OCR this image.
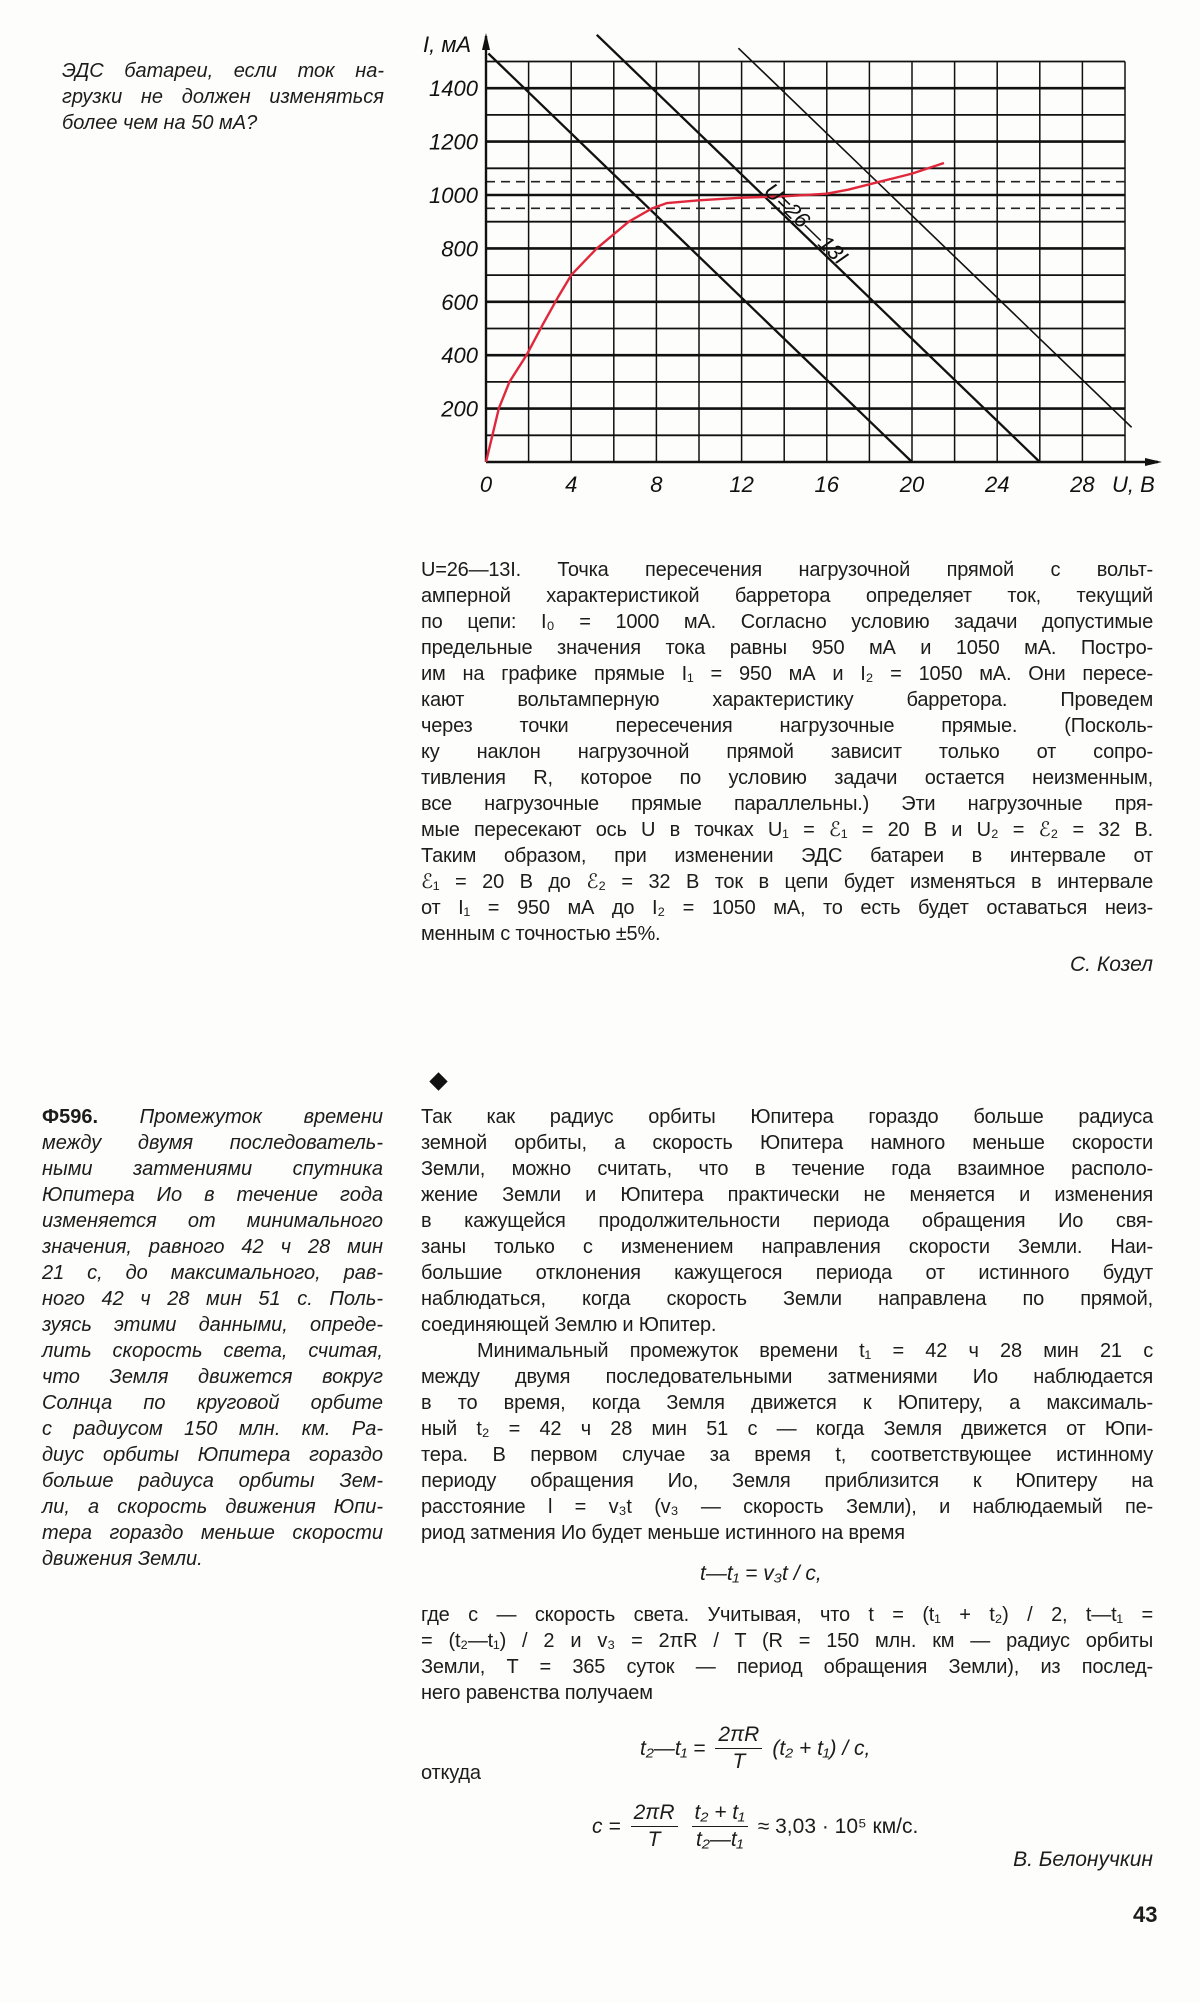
ЭДС батареи, если ток на-
грузки не должен изменяться
более чем на 50 мА?
0	4	8	12	16	20	24	28
200
400
600
800
1000
1200
1400
U, В
I, мА
U=26—13I
U=26—13I. Точка пересечения нагрузочной прямой с вольт-
амперной характеристикой барретора определяет ток, текущий
по цепи: I₀ = 1000 мА. Согласно условию задачи допустимые
предельные значения тока равны 950 мА и 1050 мА. Постро-
им на графике прямые I₁ = 950 мА и I₂ = 1050 мА. Они пересе-
кают вольтамперную характеристику барретора. Проведем
через точки пересечения нагрузочные прямые. (Посколь-
ку наклон нагрузочной прямой зависит только от сопро-
тивления R, которое по условию задачи остается неизменным,
все нагрузочные прямые параллельны.) Эти нагрузочные пря-
мые пересекают ось U в точках U₁ = ℰ₁ = 20 В и U₂ = ℰ₂ = 32 В.
Таким образом, при изменении ЭДС батареи в интервале от
ℰ₁ = 20 В до ℰ₂ = 32 В ток в цепи будет изменяться в интервале
от I₁ = 950 мА до I₂ = 1050 мА, то есть будет оставаться неиз-
менным с точностью ±5%.
С. Козел
Ф596. Промежуток времени
между двумя последователь-
ными затмениями спутника
Юпитера Ио в течение года
изменяется от минимального
значения, равного 42 ч 28 мин
21 с, до максимального, рав-
ного 42 ч 28 мин 51 с. Поль-
зуясь этими данными, опреде-
лить скорость света, считая,
что Земля движется вокруг
Солнца по круговой орбите
с радиусом 150 млн. км. Ра-
диус орбиты Юпитера гораздо
больше радиуса орбиты Зем-
ли, а скорость движения Юпи-
тера гораздо меньше скорости
движения Земли.
Так как радиус орбиты Юпитера гораздо больше радиуса
земной орбиты, а скорость Юпитера намного меньше скорости
Земли, можно считать, что в течение года взаимное располо-
жение Земли и Юпитера практически не меняется и изменения
в кажущейся продолжительности периода обращения Ио свя-
заны только с изменением направления скорости Земли. Наи-
большие отклонения кажущегося периода от истинного будут
наблюдаться, когда скорость Земли направлена по прямой,
соединяющей Землю и Юпитер.
Минимальный промежуток времени t₁ = 42 ч 28 мин 21 с
между двумя последовательными затмениями Ио наблюдается
в то время, когда Земля движется к Юпитеру, а максималь-
ный t₂ = 42 ч 28 мин 51 с — когда Земля движется от Юпи-
тера. В первом случае за время t, соответствующее истинному
периоду обращения Ио, Земля приблизится к Юпитеру на
расстояние l = v₃t (v₃ — скорость Земли), и наблюдаемый пе-
риод затмения Ио будет меньше истинного на время
t—t₁ = v₃t / c,
где c — скорость света. Учитывая, что t = (t₁ + t₂) / 2, t—t₁ =
= (t₂—t₁) / 2 и v₃ = 2πR / T (R = 150 млн. км — радиус орбиты
Земли, T = 365 суток — период обращения Земли), из послед-
него равенства получаем
t₂—t₁ = $\frac{2\pi R}{T} (t_2 + t_1) / c$,
откуда
$c = \frac{2\pi R}{T} \frac{\text{t₂ + t₁}}{\text{t₂—t₁}} \approx 3,03 \cdot 10^5$ км/с.
В. Белонучкин
43
